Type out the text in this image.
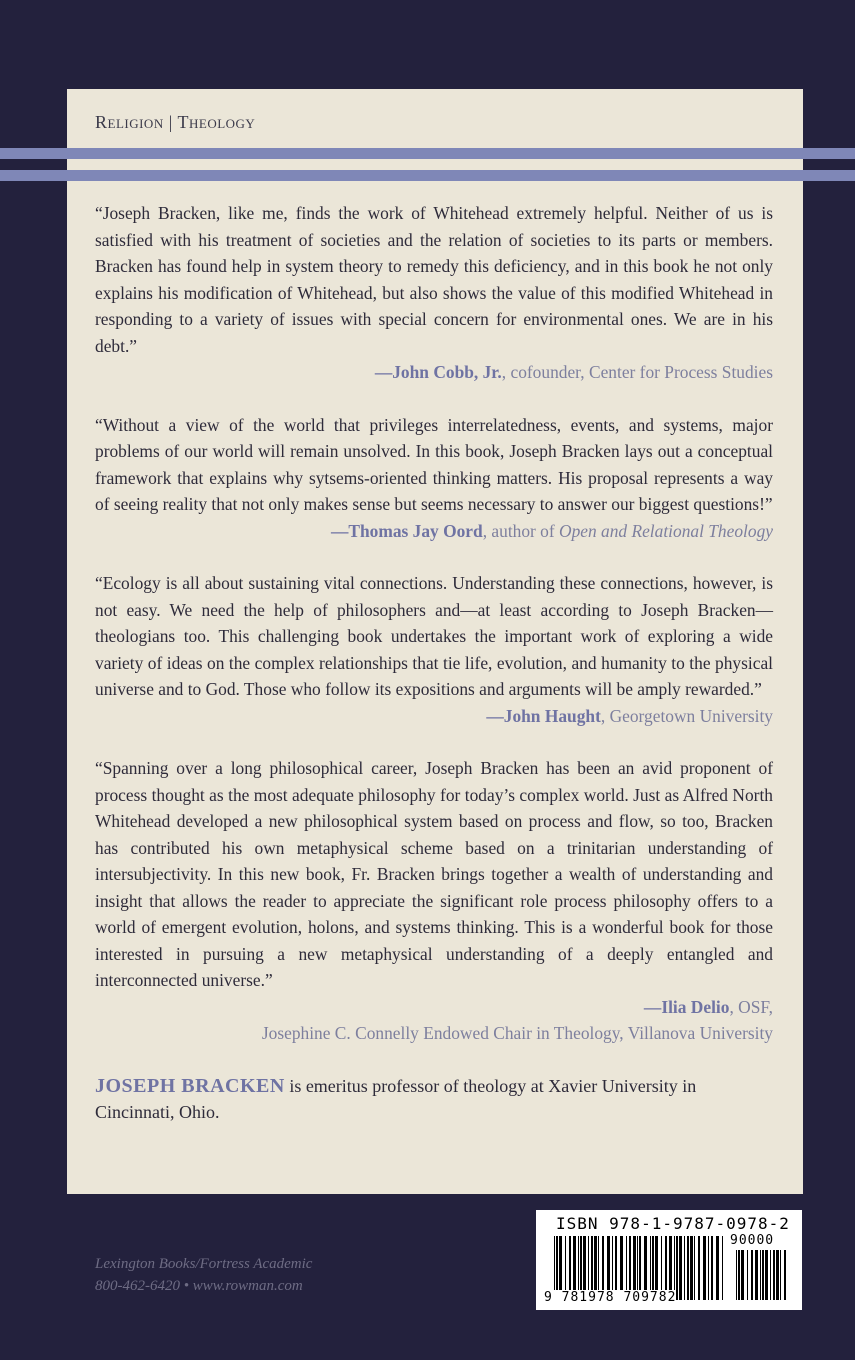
Religion | Theology
“Joseph Bracken, like me, finds the work of Whitehead extremely helpful. Neither of us is satisfied with his treatment of societies and the relation of societies to its parts or members. Bracken has found help in system theory to remedy this deficiency, and in this book he not only explains his modification of Whitehead, but also shows the value of this modified Whitehead in responding to a variety of issues with special concern for environmental ones. We are in his debt.”
—John Cobb, Jr., cofounder, Center for Process Studies
“Without a view of the world that privileges interrelatedness, events, and systems, major problems of our world will remain unsolved. In this book, Joseph Bracken lays out a conceptual framework that explains why sytsems-oriented thinking matters. His proposal represents a way of seeing reality that not only makes sense but seems necessary to answer our biggest questions!”
—Thomas Jay Oord, author of Open and Relational Theology
“Ecology is all about sustaining vital connections. Understanding these connections, however, is not easy. We need the help of philosophers and—at least according to Joseph Bracken—theologians too. This challenging book undertakes the important work of exploring a wide variety of ideas on the complex relationships that tie life, evolution, and humanity to the physical universe and to God. Those who follow its expositions and arguments will be amply rewarded.”
—John Haught, Georgetown University
“Spanning over a long philosophical career, Joseph Bracken has been an avid proponent of process thought as the most adequate philosophy for today’s complex world. Just as Alfred North Whitehead developed a new philosophical system based on process and flow, so too, Bracken has contributed his own metaphysical scheme based on a trinitarian understanding of intersubjectivity. In this new book, Fr. Bracken brings together a wealth of understanding and insight that allows the reader to appreciate the significant role process philosophy offers to a world of emergent evolution, holons, and systems thinking. This is a wonderful book for those interested in pursuing a new metaphysical understanding of a deeply entangled and interconnected universe.”
—Ilia Delio, OSF,
Josephine C. Connelly Endowed Chair in Theology, Villanova University
JOSEPH BRACKEN is emeritus professor of theology at Xavier University in Cincinnati, Ohio.
Lexington Books/Fortress Academic
800-462-6420 • www.rowman.com
ISBN 978-1-9787-0978-2
90000
9 781978 709782
